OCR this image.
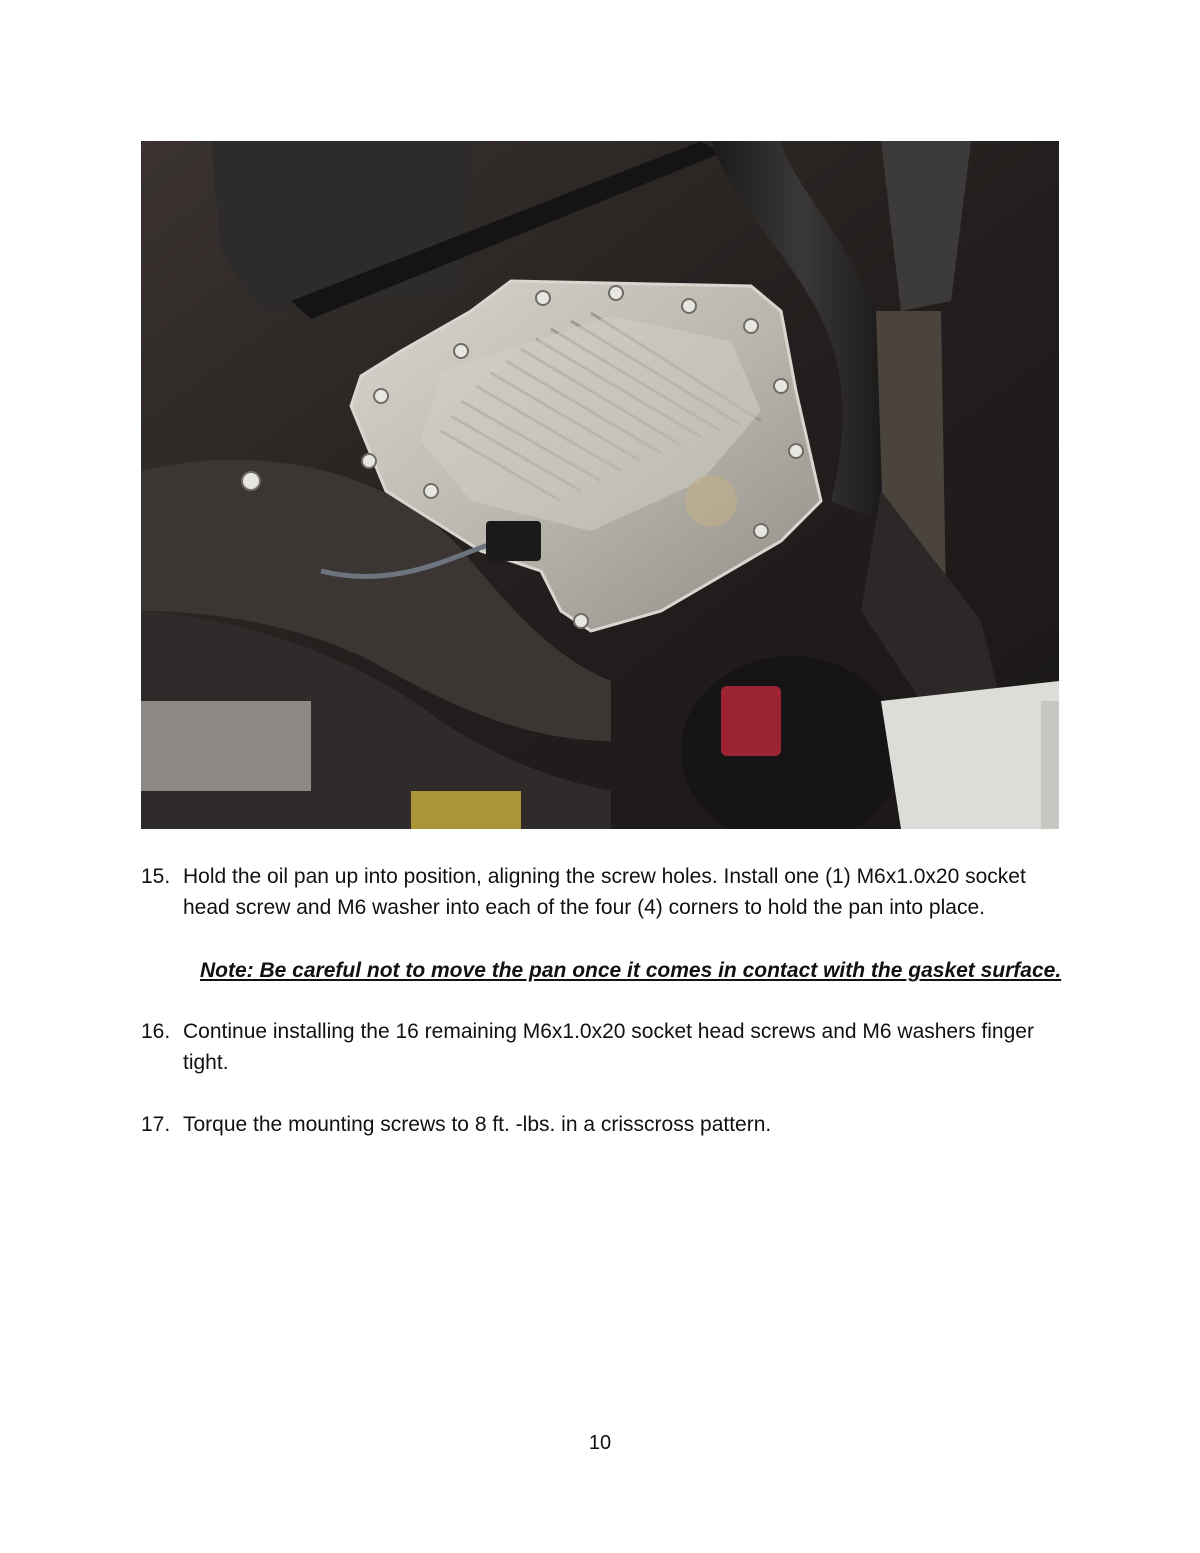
15. Hold the oil pan up into position, aligning the screw holes. Install one (1) M6x1.0x20 socket head screw and M6 washer into each of the four (4) corners to hold the pan into place.
Note: Be careful not to move the pan once it comes in contact with the gasket surface.
16. Continue installing the 16 remaining M6x1.0x20 socket head screws and M6 washers finger tight.
17. Torque the mounting screws to 8 ft. -lbs. in a crisscross pattern.
10
